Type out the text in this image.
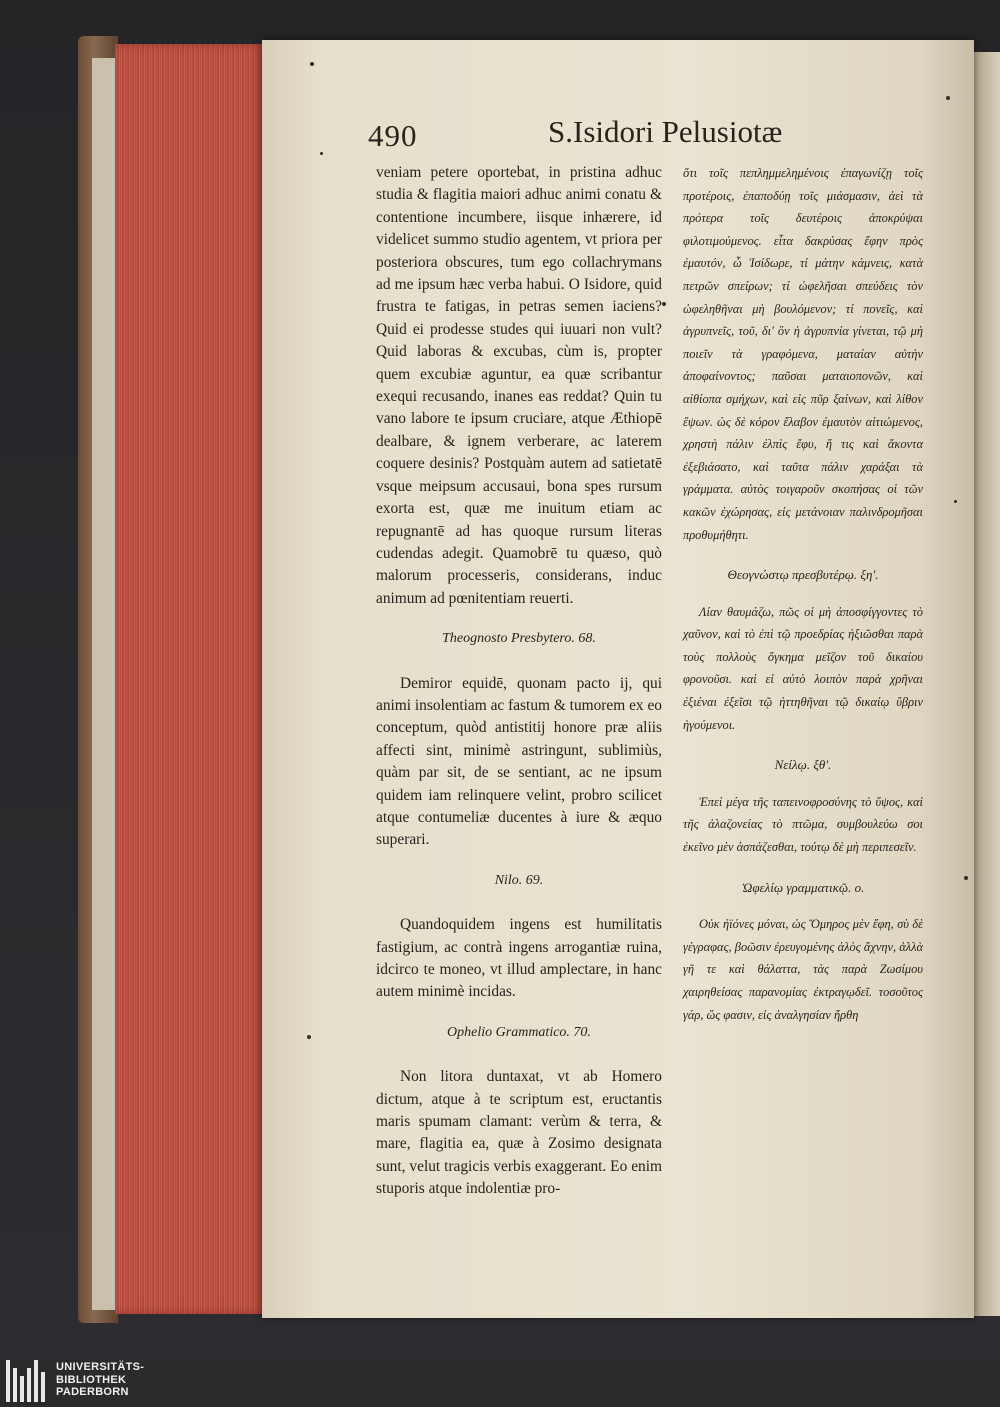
490	S.Isidori Pelusiotæ

veniam petere oportebat, in pristina adhuc studia & flagitia maiori adhuc animi conatu & contentione incumbere, iisque inhærere, id videlicet summo studio agentem, vt priora per posteriora obscures, tum ego collachrymans ad me ipsum hæc verba habui. O Isidore, quid frustra te fatigas, in petras semen iaciens? Quid ei prodesse studes qui iuuari non vult? Quid laboras & excubas, cùm is, propter quem excubiæ aguntur, ea quæ scribantur exequi recusando, inanes eas reddat? Quin tu vano labore te ipsum cruciare, atque Æthiopē dealbare, & ignem verberare, ac laterem coquere desinis? Postquàm autem ad satietatē vsque meipsum accusaui, bona spes rursum exorta est, quæ me inuitum etiam ac repugnantē ad has quoque rursum literas cudendas adegit. Quamobrē tu quæso, quò malorum processeris, considerans, induc animum ad pœnitentiam reuerti.

Theognosto Presbytero. 68.

Demiror equidē, quonam pacto ij, qui animi insolentiam ac fastum & tumorem ex eo conceptum, quòd antistitij honore præ aliis affecti sint, minimè astringunt, sublimiùs, quàm par sit, de se sentiant, ac ne ipsum quidem iam relinquere velint, probro scilicet atque contumeliæ ducentes à iure & æquo superari.

Nilo. 69.

Quandoquidem ingens est humilitatis fastigium, ac contrà ingens arrogantiæ ruina, idcirco te moneo, vt illud amplectare, in hanc autem minimè incidas.

Ophelio Grammatico. 70.

Non litora duntaxat, vt ab Homero dictum, atque à te scriptum est, eructantis maris spumam clamant: verùm & terra, & mare, flagitia ea, quæ à Zosimo designata sunt, velut tragicis verbis exaggerant. Eo enim stuporis atque indolentiæ pro-

ὅτι τοῖς πεπλημμελημένοις ἐπαγωνίζῃ τοῖς προτέροις, ἐπαποδύῃ τοῖς μιάσμασιν, ἀεὶ τὰ πρότερα τοῖς δευτέροις ἀποκρύψαι φιλοτιμούμενος. εἶτα δακρύσας ἔφην πρὸς ἐμαυτόν, ὦ Ἰσίδωρε, τί μάτην κάμνεις, κατὰ πετρῶν σπείρων; τί ὠφελῆσαι σπεύδεις τὸν ὠφεληθῆναι μὴ βουλόμενον; τί πονεῖς, καὶ ἀγρυπνεῖς, τοῦ, δι' ὃν ἡ ἀγρυπνία γίνεται, τῷ μὴ ποιεῖν τὰ γραφόμενα, ματαίαν αὐτὴν ἀποφαίνοντος; παῦσαι ματαιοπονῶν, καὶ αἰθίοπα σμήχων, καὶ εἰς πῦρ ξαίνων, καὶ λίθον ἕψων. ὡς δὲ κόρον ἔλαβον ἐμαυτὸν αἰτιώμενος, χρηστὴ πάλιν ἐλπὶς ἔφυ, ἥ τις καὶ ἄκοντα ἐξεβιάσατο, καὶ ταῦτα πάλιν χαράξαι τὰ γράμματα. αὐτὸς τοιγαροῦν σκοπήσας οἱ τῶν κακῶν ἐχώρησας, εἰς μετάνοιαν παλινδρομῆσαι προθυμήθητι.

Θεογνώστῳ πρεσβυτέρῳ. ξη'.

Λίαν θαυμάζω, πῶς οἱ μὴ ἀποσφίγγοντες τὸ χαῦνον, καὶ τὸ ἐπὶ τῷ προεδρίας ἠξιῶσθαι παρὰ τοὺς πολλοὺς ὄγκημα μεῖζον τοῦ δικαίου φρονοῦσι. καὶ εἰ αὐτὸ λοιπὸν παρὰ χρῆναι ἐξιέναι ἐξεῖσι τῷ ἡττηθῆναι τῷ δικαίῳ ὕβριν ἡγούμενοι.

Νείλῳ. ξθ'.

Ἐπεὶ μέγα τῆς ταπεινοφροσύνης τὸ ὕψος, καὶ τῆς ἀλαζονείας τὸ πτῶμα, συμβουλεύω σοι ἐκεῖνο μὲν ἀσπάζεσθαι, τούτῳ δὲ μὴ περιπεσεῖν.

Ὠφελίῳ γραμματικῷ. ο.

Οὐκ ἠϊόνες μόναι, ὡς Ὅμηρος μὲν ἔφη, σὺ δὲ γέγραφας, βοῶσιν ἐρευγομένης ἁλὸς ἄχνην, ἀλλὰ γῆ τε καὶ θάλαττα, τὰς παρὰ Ζωσίμου χαιρηθείσας παρανομίας ἐκτραγῳδεῖ. τοσοῦτος γάρ, ὥς φασιν, εἰς ἀναλγησίαν ἤρθη

UNIVERSITÄTS-
BIBLIOTHEK
PADERBORN
